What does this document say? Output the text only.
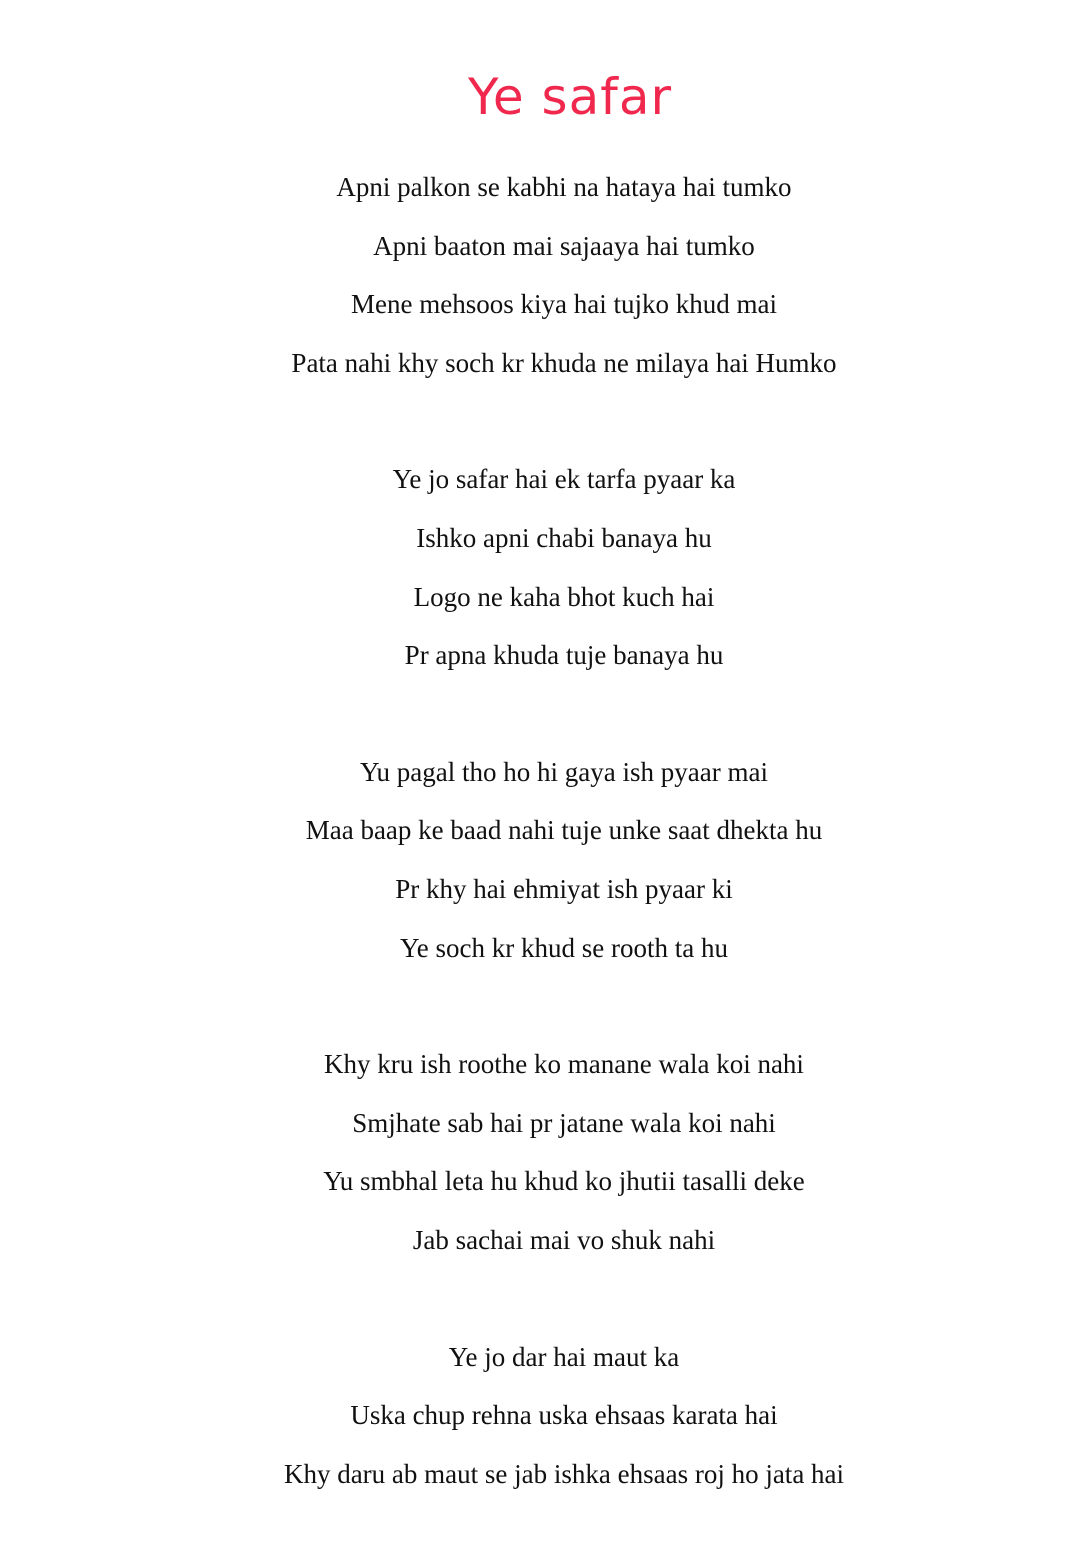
Ye safar
Apni palkon se kabhi na hataya hai tumko
Apni baaton mai sajaaya hai tumko
Mene mehsoos kiya hai tujko khud mai
Pata nahi khy soch kr khuda ne milaya hai Humko
Ye jo safar hai ek tarfa pyaar ka
Ishko apni chabi banaya hu
Logo ne kaha bhot kuch hai
Pr apna khuda tuje banaya hu
Yu pagal tho ho hi gaya ish pyaar mai
Maa baap ke baad nahi tuje unke saat dhekta hu
Pr khy hai ehmiyat ish pyaar ki
Ye soch kr khud se rooth ta hu
Khy kru ish roothe ko manane wala koi nahi
Smjhate sab hai pr jatane wala koi nahi
Yu smbhal leta hu khud ko jhutii tasalli deke
Jab sachai mai vo shuk nahi
Ye jo dar hai maut ka
Uska chup rehna uska ehsaas karata hai
Khy daru ab maut se jab ishka ehsaas roj ho jata hai
